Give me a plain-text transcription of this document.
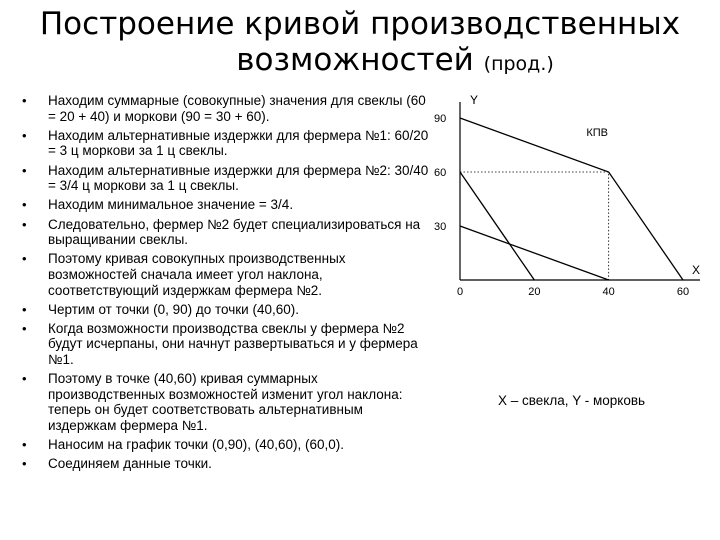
Построение кривой производственных
возможностей (прод.)
• Находим суммарные (совокупные) значения для свеклы (60 = 20 + 40) и моркови (90 = 30 + 60).
• Находим альтернативные издержки для фермера №1: 60/20 = 3 ц моркови за 1 ц свеклы.
• Находим альтернативные издержки для фермера №2: 30/40 = 3/4 ц моркови за 1 ц свеклы.
• Находим минимальное значение = 3/4.
• Следовательно, фермер №2 будет специализироваться на выращивании свеклы.
• Поэтому кривая совокупных производственных возможностей сначала имеет угол наклона, соответствующий издержкам фермера №2.
• Чертим от точки (0, 90) до точки (40,60).
• Когда возможности производства свеклы у фермера №2 будут исчерпаны, они начнут развертываться и у фермера №1.
• Поэтому в точке (40,60) кривая суммарных производственных возможностей изменит угол наклона: теперь он будет соответствовать альтернативным издержкам фермера №1.
• Наносим на график точки (0,90), (40,60), (60,0).
• Соединяем данные точки.
Y
X
90
60
30
0	20	40	60
КПВ
X – свекла, Y - морковь
